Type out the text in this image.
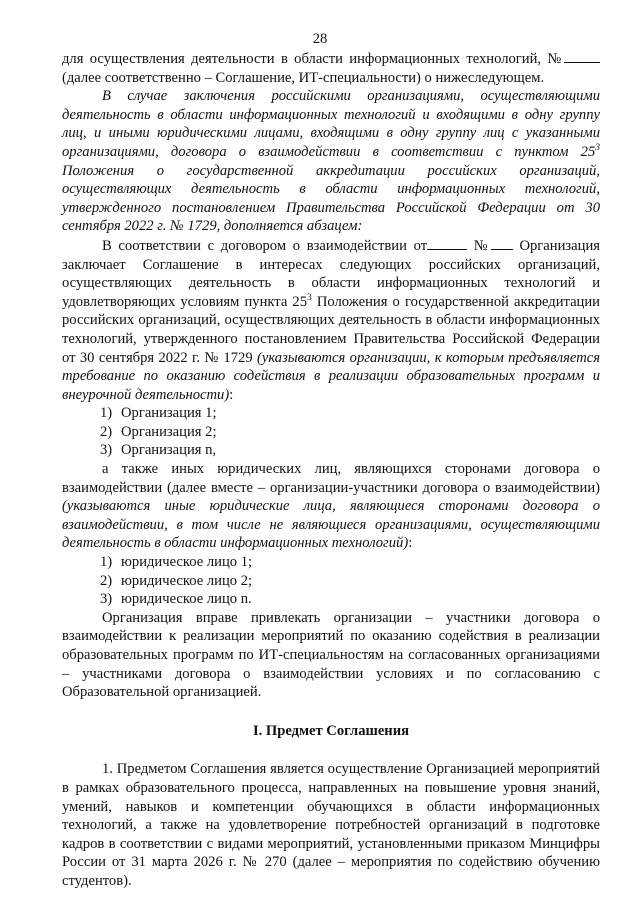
28

для осуществления деятельности в области информационных технологий, № (далее соответственно – Соглашение, ИТ-специальности) о нижеследующем.

В случае заключения российскими организациями, осуществляющими деятельность в области информационных технологий и входящими в одну группу лиц, и иными юридическими лицами, входящими в одну группу лиц с указанными организациями, договора о взаимодействии в соответствии с пунктом $25^3$ Положения о государственной аккредитации российских организаций, осуществляющих деятельность в области информационных технологий, утвержденного постановлением Правительства Российской Федерации от 30 сентября 2022 г. № 1729, дополняется абзацем:

В соответствии с договором о взаимодействии от	№ Организация заключает Соглашение в интересах следующих российских организаций, осуществляющих деятельность в области информационных технологий и удовлетворяющих условиям пункта $25^3$ Положения о государственной аккредитации российских организаций, осуществляющих деятельность в области информационных технологий, утвержденного постановлением Правительства Российской Федерации от 30 сентября 2022 г. № 1729 (указываются организации, к которым предъявляется требование по оказанию содействия в реализации образовательных программ и внеурочной деятельности):

1) Организация 1;
2) Организация 2;
3) Организация n,

а также иных юридических лиц, являющихся сторонами договора о взаимодействии (далее вместе – организации-участники договора о взаимодействии) (указываются иные юридические лица, являющиеся сторонами договора о взаимодействии, в том числе не являющиеся организациями, осуществляющими деятельность в области информационных технологий):

1) юридическое лицо 1;
2) юридическое лицо 2;
3) юридическое лицо n.

Организация вправе привлекать организации – участники договора о взаимодействии к реализации мероприятий по оказанию содействия в реализации образовательных программ по ИТ-специальностям на согласованных организациями – участниками договора о взаимодействии условиях и по согласованию с Образовательной организацией.

I. Предмет Соглашения

1. Предметом Соглашения является осуществление Организацией мероприятий в рамках образовательного процесса, направленных на повышение уровня знаний, умений, навыков и компетенции обучающихся в области информационных технологий, а также на удовлетворение потребностей организаций в подготовке кадров в соответствии с видами мероприятий, установленными приказом Минцифры России от 31 марта 2026 г. № 270 (далее – мероприятия по содействию обучению студентов).
